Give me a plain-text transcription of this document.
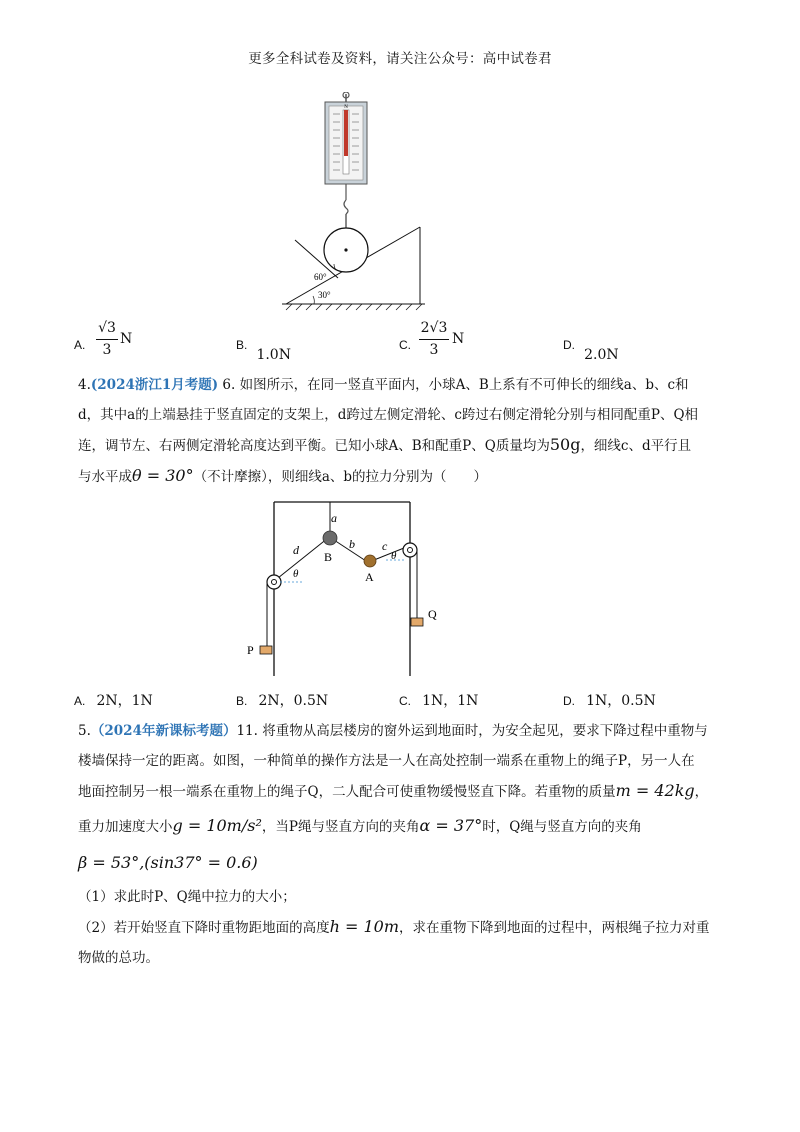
更多全科试卷及资料，请关注公众号：高中试卷君
N
60°
30°
A.
√3
3
N	B. 1.0N
C.
2√3
3
N	D. 2.0N
4.(2024浙江1月考题) 6. 如图所示，在同一竖直平面内，小球A、B上系有不可伸长的细线a、b、c和
d，其中a的上端悬挂于竖直固定的支架上，d跨过左侧定滑轮、c跨过右侧定滑轮分别与相同配重P、Q相
连，调节左、右两侧定滑轮高度达到平衡。已知小球A、B和配重P、Q质量均为50g，细线c、d平行且
与水平成θ = 30°（不计摩擦），则细线a、b的拉力分别为（　　）
a
b c
d
θ
θ
B
A
P
Q
A. 2N，1N	B. 2N，0.5N	C. 1N，1N	D. 1N，0.5N
5.（2024年新课标考题）11. 将重物从高层楼房的窗外运到地面时，为安全起见，要求下降过程中重物与
楼墙保持一定的距离。如图，一种简单的操作方法是一人在高处控制一端系在重物上的绳子P，另一人在
地面控制另一根一端系在重物上的绳子Q，二人配合可使重物缓慢竖直下降。若重物的质量m = 42kg，
重力加速度大小g = 10m/s²，当P绳与竖直方向的夹角α = 37°时，Q绳与竖直方向的夹角
β = 53°,(sin37° = 0.6)
（1）求此时P、Q绳中拉力的大小；
（2）若开始竖直下降时重物距地面的高度h = 10m，求在重物下降到地面的过程中，两根绳子拉力对重
物做的总功。
